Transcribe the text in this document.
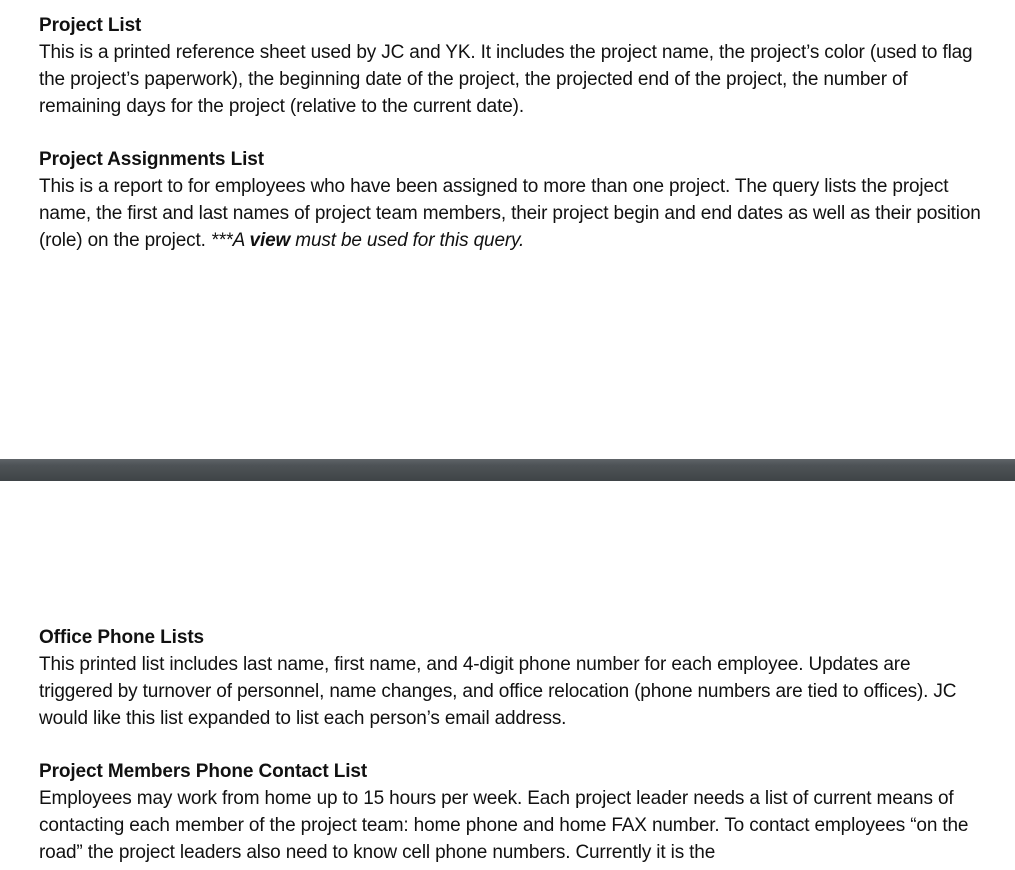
Project List

This is a printed reference sheet used by JC and YK. It includes the project name, the project’s color (used to flag the project’s paperwork), the beginning date of the project, the projected end of the project, the number of remaining days for the project (relative to the current date).

Project Assignments List

This is a report to for employees who have been assigned to more than one project. The query lists the project name, the first and last names of project team members, their project begin and end dates as well as their position (role) on the project. ***A view must be used for this query.

Office Phone Lists

This printed list includes last name, first name, and 4-digit phone number for each employee. Updates are triggered by turnover of personnel, name changes, and office relocation (phone numbers are tied to offices). JC would like this list expanded to list each person’s email address.

Project Members Phone Contact List

Employees may work from home up to 15 hours per week. Each project leader needs a list of current means of contacting each member of the project team: home phone and home FAX number. To contact employees “on the road” the project leaders also need to know cell phone numbers. Currently it is the
